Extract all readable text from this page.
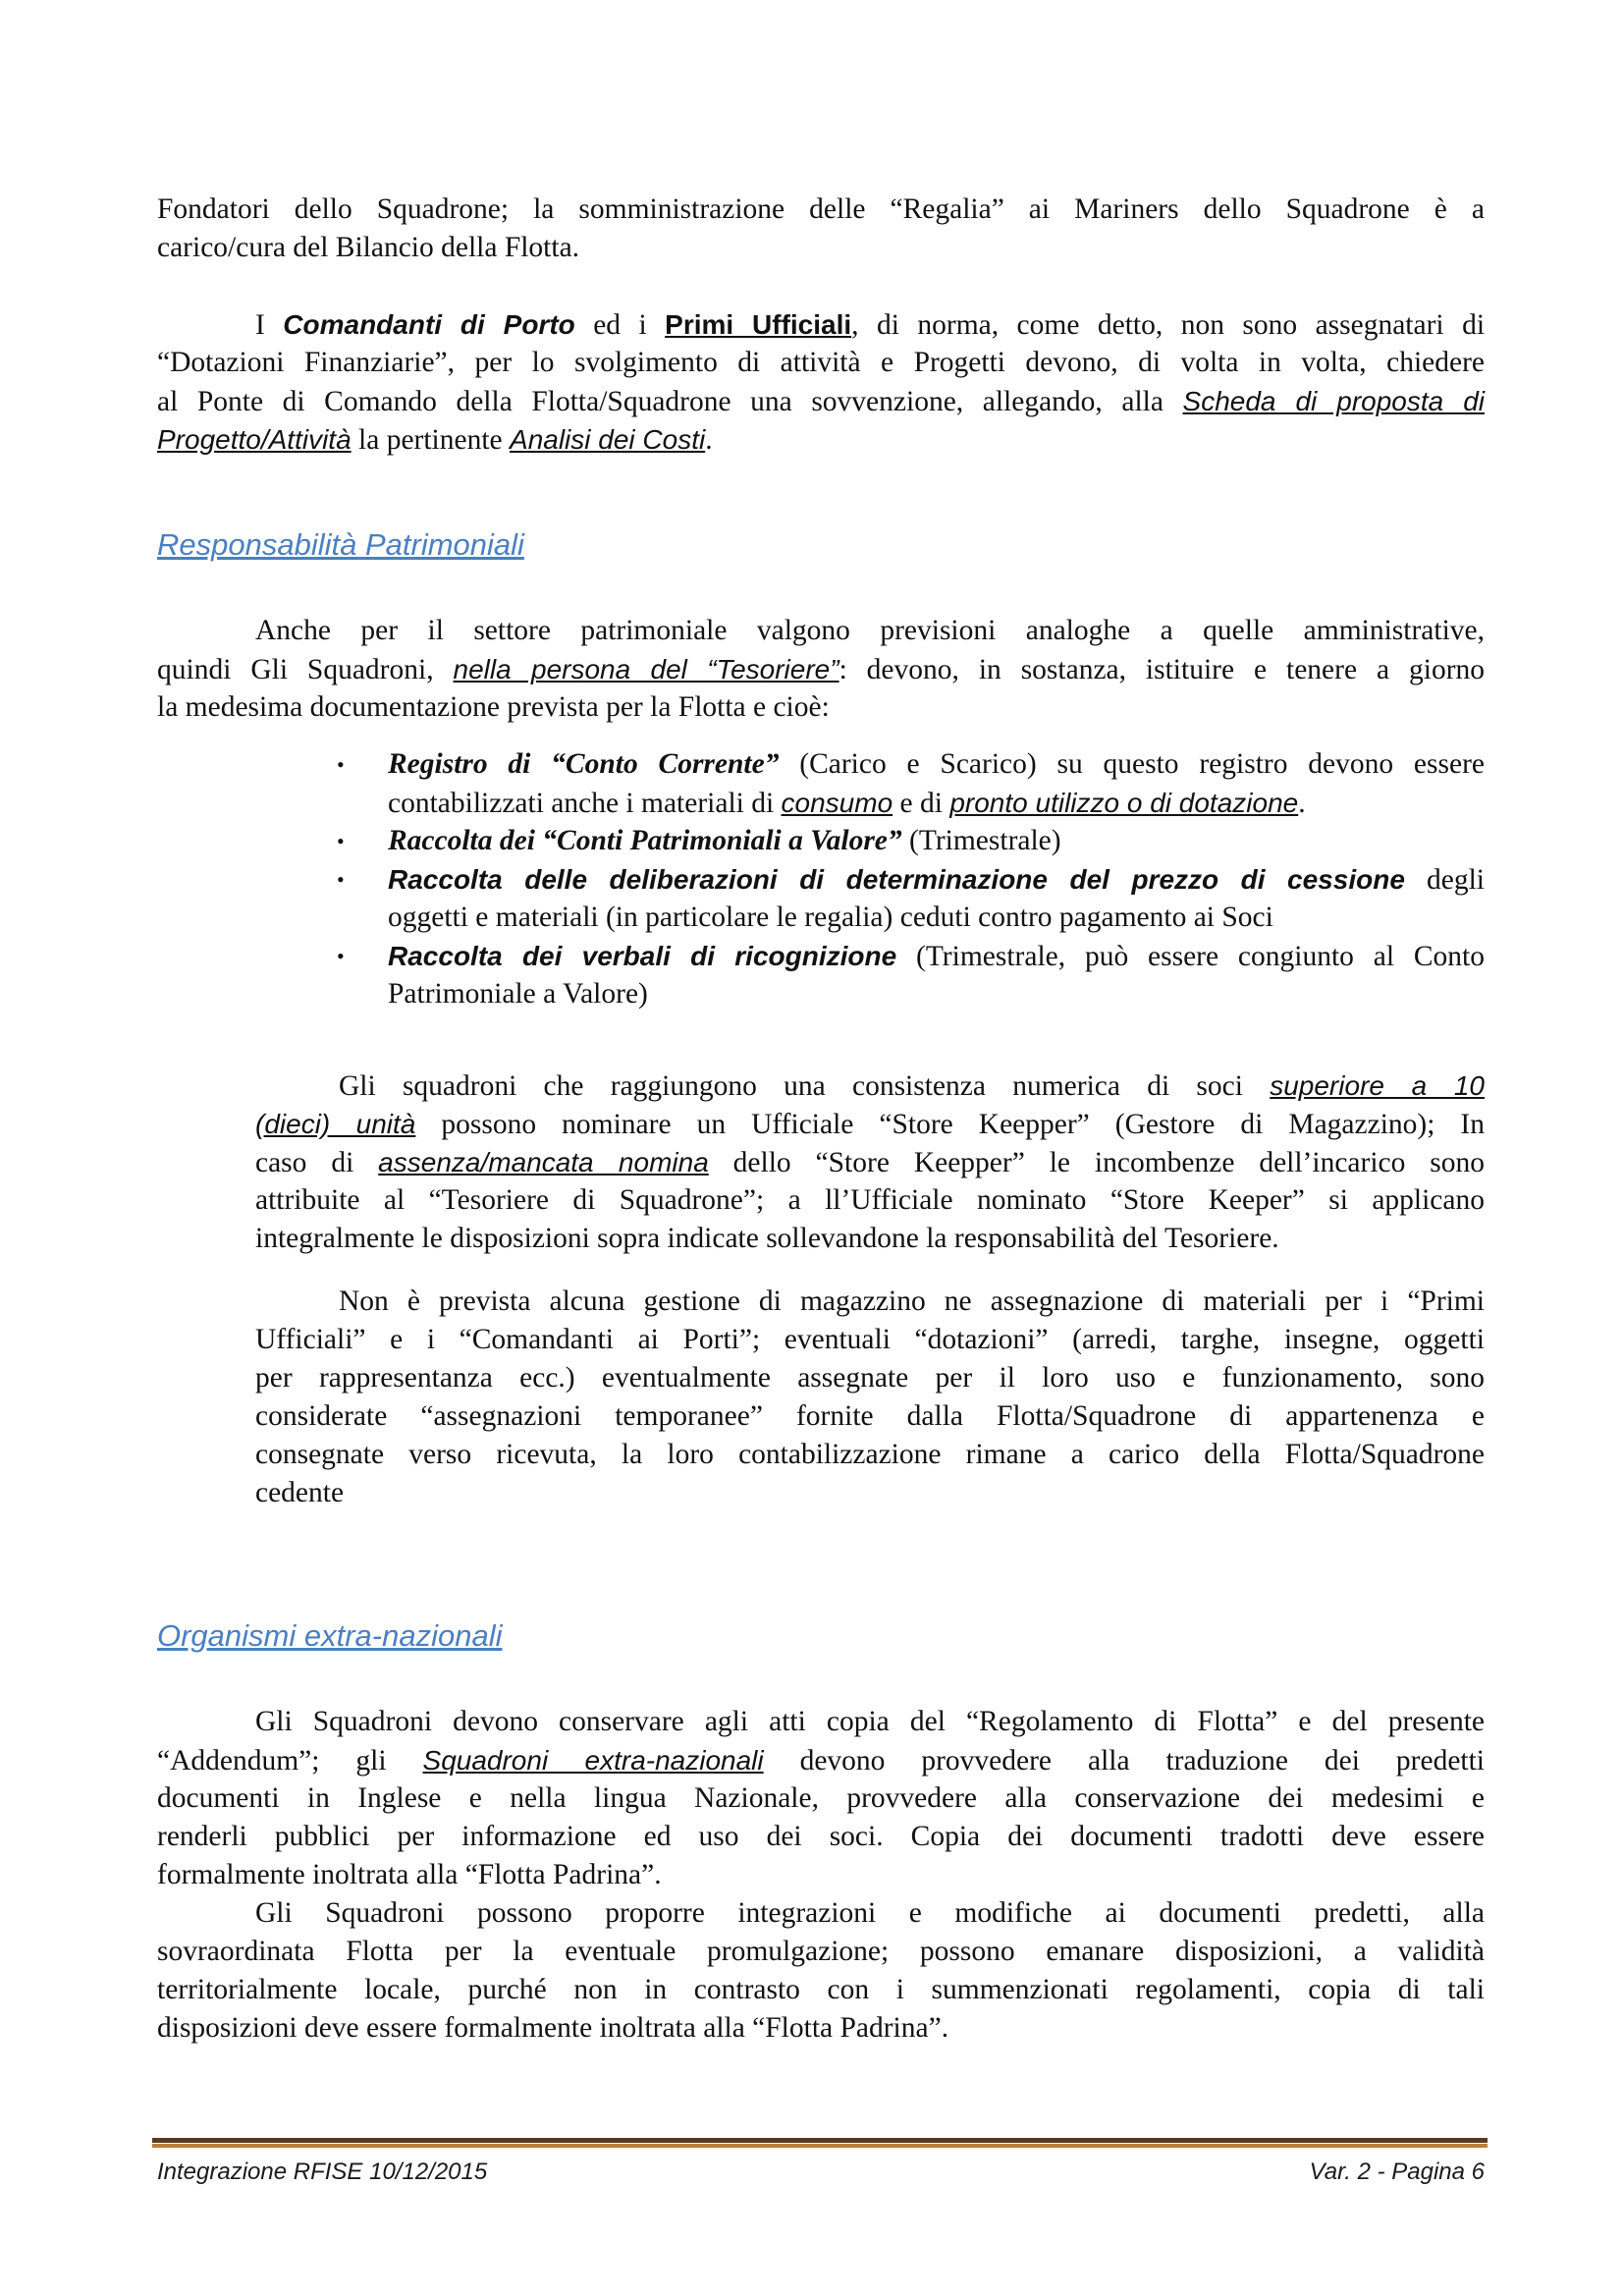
Fondatori dello Squadrone; la somministrazione delle “Regalia” ai Mariners dello Squadrone è a
carico/cura del Bilancio della Flotta.
I Comandanti di Porto ed i Primi Ufficiali, di norma, come detto, non sono assegnatari di
“Dotazioni Finanziarie”, per lo svolgimento di attività e Progetti devono, di volta in volta, chiedere
al Ponte di Comando della Flotta/Squadrone una sovvenzione, allegando, alla Scheda di proposta di
Progetto/Attività la pertinente Analisi dei Costi.
Responsabilità Patrimoniali
Anche per il settore patrimoniale valgono previsioni analoghe a quelle amministrative,
quindi Gli Squadroni, nella persona del “Tesoriere”: devono, in sostanza, istituire e tenere a giorno
la medesima documentazione prevista per la Flotta e cioè:
• Registro di “Conto Corrente” (Carico e Scarico) su questo registro devono essere
contabilizzati anche i materiali di consumo e di pronto utilizzo o di dotazione.
• Raccolta dei “Conti Patrimoniali a Valore” (Trimestrale)
• Raccolta delle deliberazioni di determinazione del prezzo di cessione degli
oggetti e materiali (in particolare le regalia) ceduti contro pagamento ai Soci
• Raccolta dei verbali di ricognizione (Trimestrale, può essere congiunto al Conto
Patrimoniale a Valore)
Gli squadroni che raggiungono una consistenza numerica di soci superiore a 10
(dieci) unità possono nominare un Ufficiale “Store Keepper” (Gestore di Magazzino); In
caso di assenza/mancata nomina dello “Store Keepper” le incombenze dell’incarico sono
attribuite al “Tesoriere di Squadrone”; a ll’Ufficiale nominato “Store Keeper” si applicano
integralmente le disposizioni sopra indicate sollevandone la responsabilità del Tesoriere.
Non è prevista alcuna gestione di magazzino ne assegnazione di materiali per i “Primi
Ufficiali” e i “Comandanti ai Porti”; eventuali “dotazioni” (arredi, targhe, insegne, oggetti
per rappresentanza ecc.) eventualmente assegnate per il loro uso e funzionamento, sono
considerate “assegnazioni temporanee” fornite dalla Flotta/Squadrone di appartenenza e
consegnate verso ricevuta, la loro contabilizzazione rimane a carico della Flotta/Squadrone
cedente
Organismi extra-nazionali
Gli Squadroni devono conservare agli atti copia del “Regolamento di Flotta” e del presente
“Addendum”; gli Squadroni extra-nazionali devono provvedere alla traduzione dei predetti
documenti in Inglese e nella lingua Nazionale, provvedere alla conservazione dei medesimi e
renderli pubblici per informazione ed uso dei soci. Copia dei documenti tradotti deve essere
formalmente inoltrata alla “Flotta Padrina”.
Gli Squadroni possono proporre integrazioni e modifiche ai documenti predetti, alla
sovraordinata Flotta per la eventuale promulgazione; possono emanare disposizioni, a validità
territorialmente locale, purché non in contrasto con i summenzionati regolamenti, copia di tali
disposizioni deve essere formalmente inoltrata alla “Flotta Padrina”.
Integrazione RFISE 10/12/2015	Var. 2 - Pagina 6
